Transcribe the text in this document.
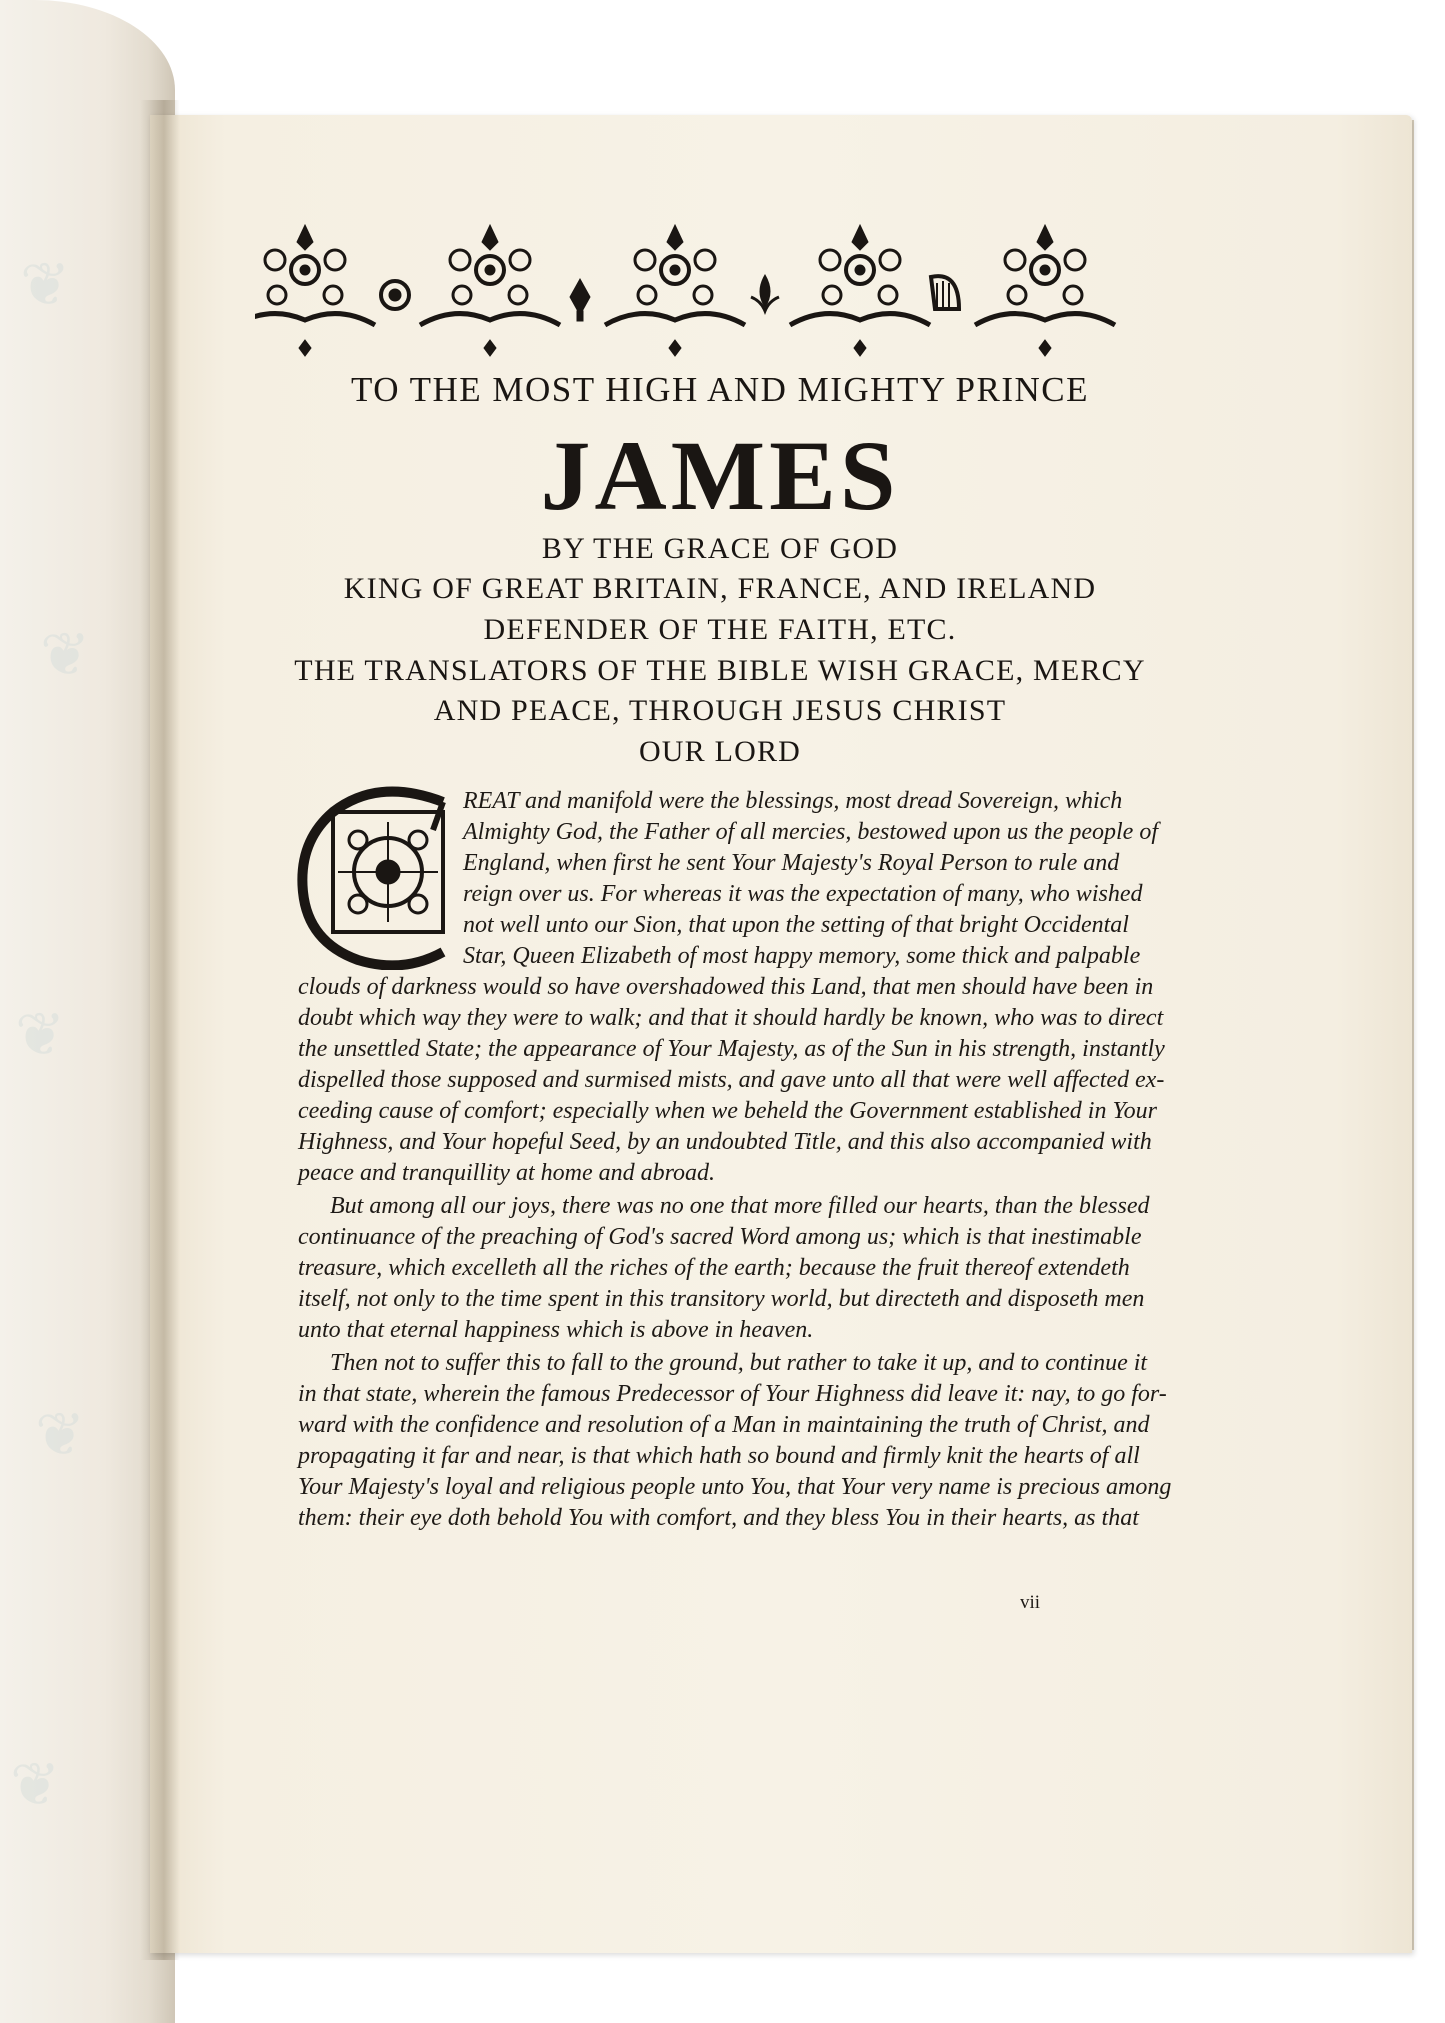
❦
❦
❦
❦
❦
TO THE MOST HIGH AND MIGHTY PRINCE
JAMES
BY THE GRACE OF GOD
KING OF GREAT BRITAIN, FRANCE, AND IRELAND
DEFENDER OF THE FAITH, ETC.
THE TRANSLATORS OF THE BIBLE WISH GRACE, MERCY
AND PEACE, THROUGH JESUS CHRIST
OUR LORD
G

REAT and manifold were the blessings, most dread Sovereign, which

Almighty God, the Father of all mercies, bestowed upon us the people of

England, when first he sent Your Majesty's Royal Person to rule and

reign over us. For whereas it was the expectation of many, who wished

not well unto our Sion, that upon the setting of that bright Occidental

Star, Queen Elizabeth of most happy memory, some thick and palpable

clouds of darkness would so have overshadowed this Land, that men should have been in

doubt which way they were to walk; and that it should hardly be known, who was to direct

the unsettled State; the appearance of Your Majesty, as of the Sun in his strength, instantly

dispelled those supposed and surmised mists, and gave unto all that were well affected ex-

ceeding cause of comfort; especially when we beheld the Government established in Your

Highness, and Your hopeful Seed, by an undoubted Title, and this also accompanied with

peace and tranquillity at home and abroad.

But among all our joys, there was no one that more filled our hearts, than the blessed

continuance of the preaching of God's sacred Word among us; which is that inestimable

treasure, which excelleth all the riches of the earth; because the fruit thereof extendeth

itself, not only to the time spent in this transitory world, but directeth and disposeth men

unto that eternal happiness which is above in heaven.

Then not to suffer this to fall to the ground, but rather to take it up, and to continue it

in that state, wherein the famous Predecessor of Your Highness did leave it: nay, to go for-

ward with the confidence and resolution of a Man in maintaining the truth of Christ, and

propagating it far and near, is that which hath so bound and firmly knit the hearts of all

Your Majesty's loyal and religious people unto You, that Your very name is precious among

them: their eye doth behold You with comfort, and they bless You in their hearts, as that

vii
